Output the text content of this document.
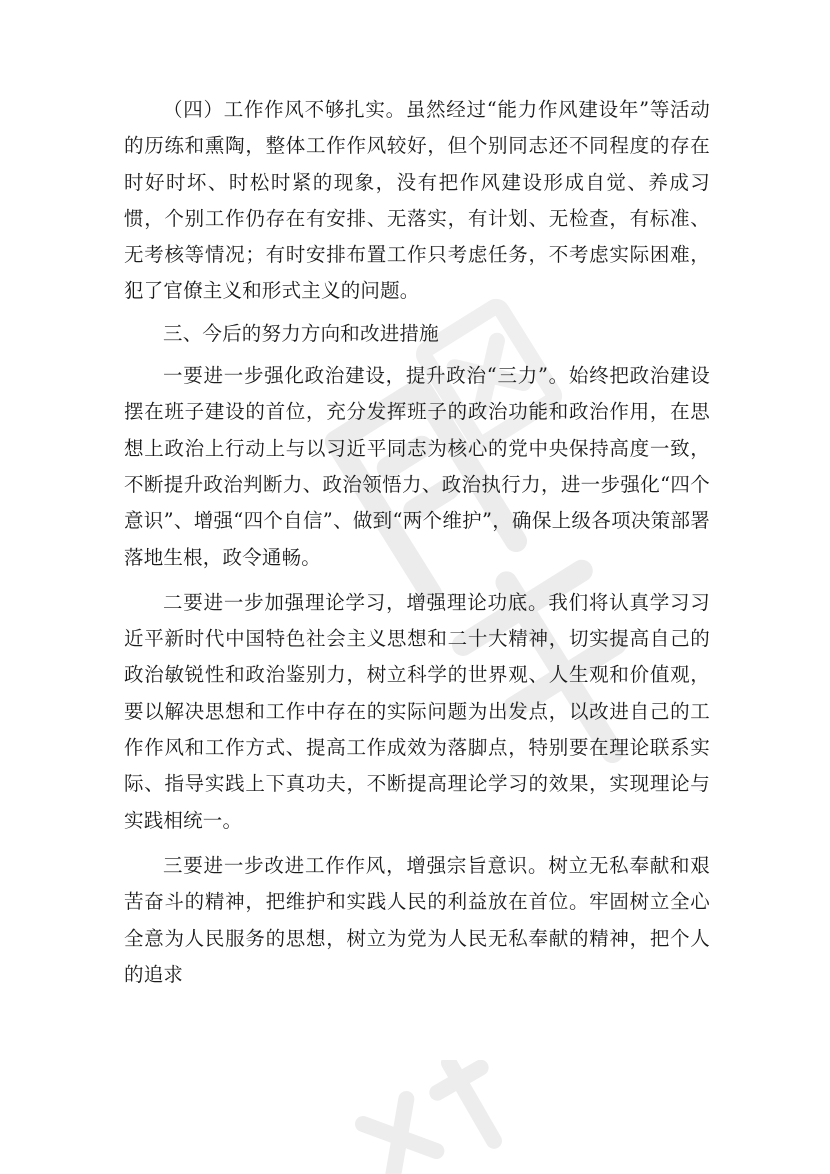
（四）工作作风不够扎实。虽然经过“能力作风建设年”等活动的历练和熏陶，整体工作作风较好，但个别同志还不同程度的存在时好时坏、时松时紧的现象，没有把作风建设形成自觉、养成习惯，个别工作仍存在有安排、无落实，有计划、无检查，有标准、无考核等情况；有时安排布置工作只考虑任务，不考虑实际困难，犯了官僚主义和形式主义的问题。

三、今后的努力方向和改进措施

一要进一步强化政治建设，提升政治“三力”。始终把政治建设摆在班子建设的首位，充分发挥班子的政治功能和政治作用，在思想上政治上行动上与以习近平同志为核心的党中央保持高度一致，不断提升政治判断力、政治领悟力、政治执行力，进一步强化“四个意识”、增强“四个自信”、做到“两个维护”，确保上级各项决策部署落地生根，政令通畅。

二要进一步加强理论学习，增强理论功底。我们将认真学习习近平新时代中国特色社会主义思想和二十大精神，切实提高自己的政治敏锐性和政治鉴别力，树立科学的世界观、人生观和价值观，要以解决思想和工作中存在的实际问题为出发点，以改进自己的工作作风和工作方式、提高工作成效为落脚点，特别要在理论联系实际、指导实践上下真功夫，不断提高理论学习的效果，实现理论与实践相统一。

三要进一步改进工作作风，增强宗旨意识。树立无私奉献和艰苦奋斗的精神，把维护和实践人民的利益放在首位。牢固树立全心全意为人民服务的思想，树立为党为人民无私奉献的精神，把个人的追求
